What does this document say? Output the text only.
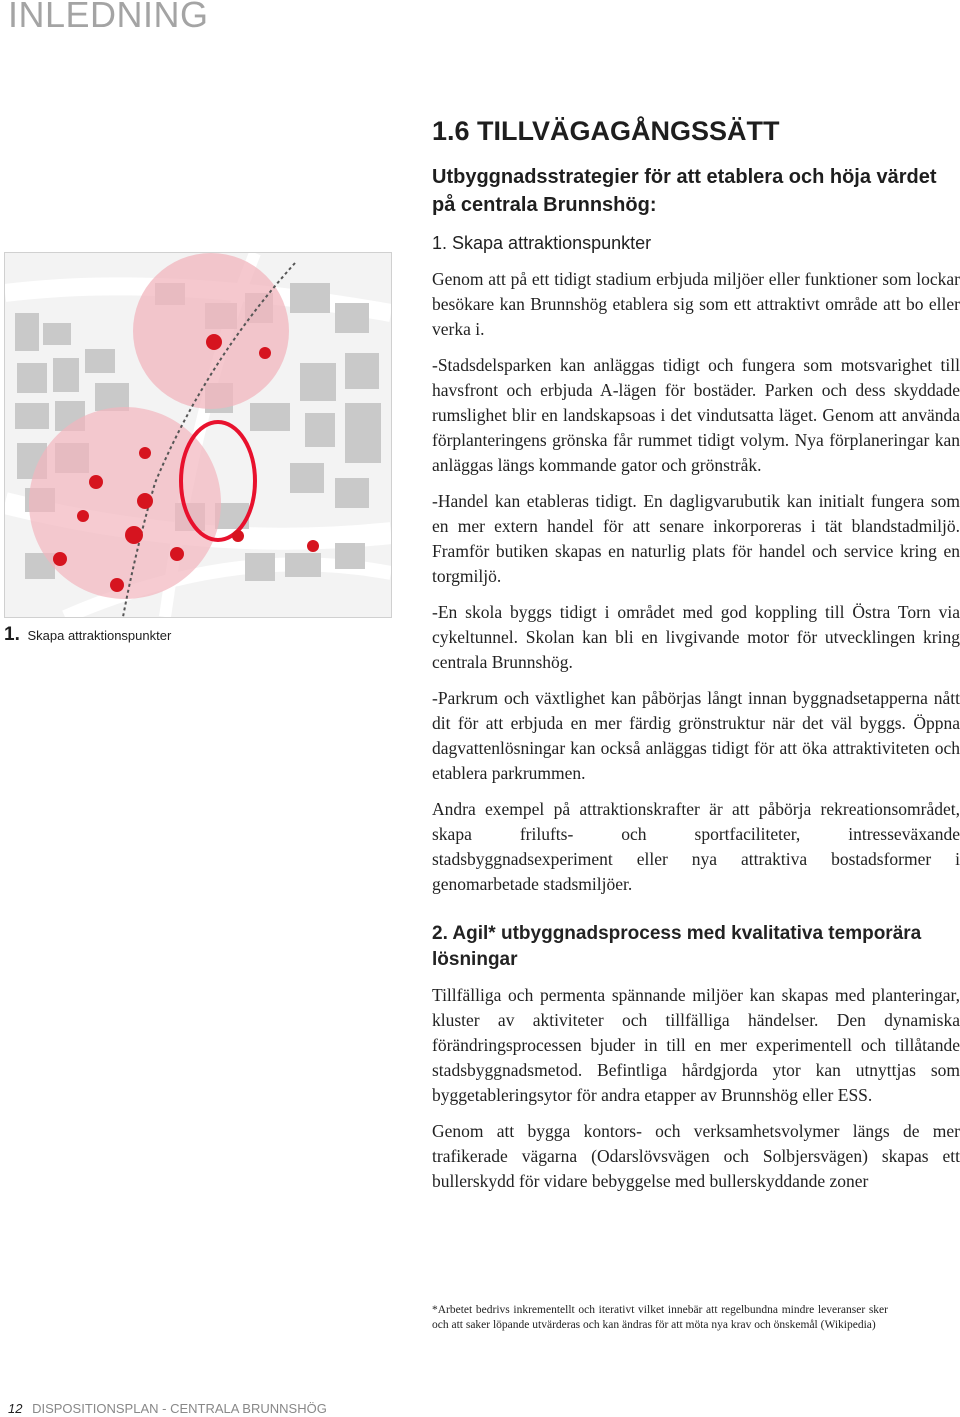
INLEDNING
1.6 TILLVÄGAGÅNGSSÄTT
Utbyggnadsstrategier för att etablera och höja värdet på centrala Brunnshög:
1. Skapa attraktionspunkter
1. Skapa attraktionspunkter

Genom att på ett tidigt stadium erbjuda miljöer eller funktioner som lockar besökare kan Brunnshög etablera sig som ett attraktivt område att bo eller verka i.

-Stadsdelsparken kan anläggas tidigt och fungera som motsvarighet till havsfront och erbjuda A-lägen för bostäder. Parken och dess skyddade rumslighet blir en landskapsoas i det vindutsatta läget. Genom att använda förplanteringens grönska får rummet tidigt volym. Nya förplaneringar kan anläggas längs kommande gator och grönstråk.

-Handel kan etableras tidigt. En dagligvarubutik kan initialt fungera som en mer extern handel för att senare inkorporeras i tät blandstadmiljö. Framför butiken skapas en naturlig plats för handel och service kring en torgmiljö.

-En skola byggs tidigt i området med god koppling till Östra Torn via cykeltunnel. Skolan kan bli en livgivande motor för utvecklingen kring centrala Brunnshög.

-Parkrum och växtlighet kan påbörjas långt innan byggnadsetapperna nått dit för att erbjuda en mer färdig grönstruktur när det väl byggs. Öppna dagvattenlösningar kan också anläggas tidigt för att öka attraktiviteten och etablera parkrummen.

Andra exempel på attraktionskrafter är att påbörja rekreationsområdet, skapa frilufts- och sportfaciliteter, intresseväxande stadsbyggnadsexperiment eller nya attraktiva bostadsformer i genomarbetade stadsmiljöer.

2. Agil* utbyggnadsprocess med kvalitativa temporära lösningar

Tillfälliga och permenta spännande miljöer kan skapas med planteringar, kluster av aktiviteter och tillfälliga händelser. Den dynamiska förändringsprocessen bjuder in till en mer experimentell och tillåtande stadsbyggnadsmetod. Befintliga hårdgjorda ytor kan utnyttjas som byggetableringsytor för andra etapper av Brunnshög eller ESS.

Genom att bygga kontors- och verksamhetsvolymer längs de mer trafikerade vägarna (Odarslövsvägen och Solbjersvägen) skapas ett bullerskydd för vidare bebyggelse med bullerskyddande zoner

*Arbetet bedrivs inkrementellt och iterativt vilket innebär att regelbundna mindre leveranser sker och att saker löpande utvärderas och kan ändras för att möta nya krav och önskemål (Wikipedia)
12 DISPOSITIONSPLAN - CENTRALA BRUNNSHÖG
